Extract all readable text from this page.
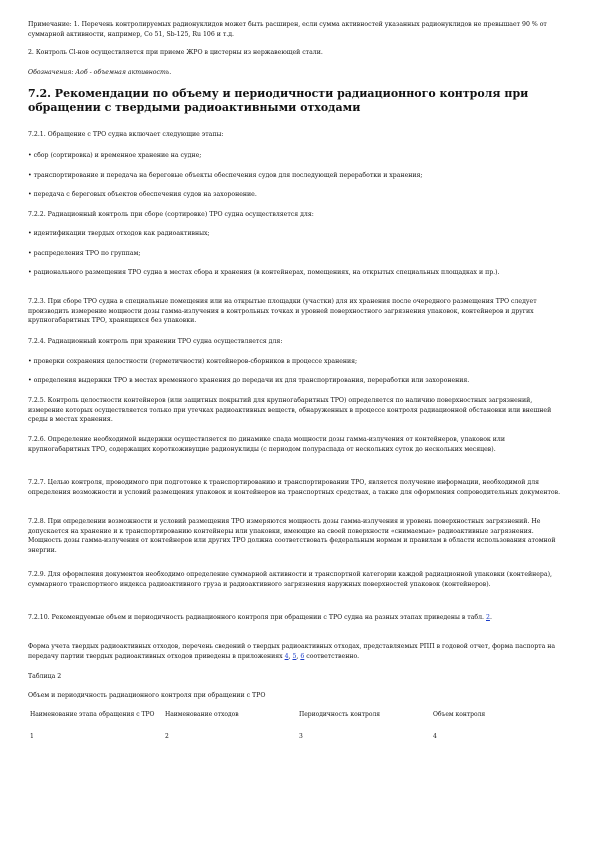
Примечание: 1. Перечень контролируемых радионуклидов может быть расширен, если сумма активностей указанных радионуклидов не превышает 90 % от суммарной активности, например, Co 51, Sb-125, Ru 106 и т.д.

2. Контроль Cl-нов осуществляется при приеме ЖРО в цистерны из нержавеющей стали.

Обозначения: Аоб - объемная активность.

7.2. Рекомендации по объему и периодичности радиационного контроля при обращении с твердыми радиоактивными отходами

7.2.1. Обращение с ТРО судна включает следующие этапы:

• сбор (сортировка) и временное хранение на судне;

• транспортирование и передача на береговые объекты обеспечения судов для последующей переработки и хранения;

• передача с береговых объектов обеспечения судов на захоронение.

7.2.2. Радиационный контроль при сборе (сортировке) ТРО судна осуществляется для:

• идентификации твердых отходов как радиоактивных;

• распределения ТРО по группам;

• рационального размещения ТРО судна в местах сбора и хранения (в контейнерах, помещениях, на открытых специальных площадках и пр.).

7.2.3. При сборе ТРО судна в специальные помещения или на открытые площадки (участки) для их хранения после очередного размещения ТРО следует производить измерение мощности дозы гамма-излучения в контрольных точках и уровней поверхностного загрязнения упаковок, контейнеров и других крупногабаритных ТРО, хранящихся без упаковки.

7.2.4. Радиационный контроль при хранении ТРО судна осуществляется для:

• проверки сохранения целостности (герметичности) контейнеров-сборников в процессе хранения;

• определения выдержки ТРО в местах временного хранения до передачи их для транспортирования, переработки или захоронения.

7.2.5. Контроль целостности контейнеров (или защитных покрытий для крупногабаритных ТРО) определяется по наличию поверхностных загрязнений, измерение которых осуществляется только при утечках радиоактивных веществ, обнаруженных в процессе контроля радиационной обстановки или внешней среды в местах хранения.

7.2.6. Определение необходимой выдержки осуществляется по динамике спада мощности дозы гамма-излучения от контейнеров, упаковок или крупногабаритных ТРО, содержащих короткоживущие радионуклиды (с периодом полураспада от нескольких суток до нескольких месяцев).

7.2.7. Целью контроля, проводимого при подготовке к транспортированию и транспортировании ТРО, является получение информации, необходимой для определения возможности и условий размещения упаковок и контейнеров на транспортных средствах, а также для оформления сопроводительных документов.

7.2.8. При определении возможности и условий размещения ТРО измеряются мощность дозы гамма-излучения и уровень поверхностных загрязнений. Не допускается на хранение и к транспортированию контейнеры или упаковки, имеющие на своей поверхности «снимаемые» радиоактивные загрязнения. Мощность дозы гамма-излучения от контейнеров или других ТРО должна соответствовать федеральным нормам и правилам в области использования атомной энергии.

7.2.9. Для оформления документов необходимо определение суммарной активности и транспортной категории каждой радиационной упаковки (контейнера), суммарного транспортного индекса радиоактивного груза и радиоактивного загрязнения наружных поверхностей упаковок (контейнеров).

7.2.10. Рекомендуемые объем и периодичность радиационного контроля при обращении с ТРО судна на разных этапах приведены в табл. 2.

Форма учета твердых радиоактивных отходов, перечень сведений о твердых радиоактивных отходах, представляемых РПП в годовой отчет, форма паспорта на передачу партии твердых радиоактивных отходов приведены в приложениях 4, 5, 6 соответственно.

Таблица 2

Объем и периодичность радиационного контроля при обращении с ТРО

Наименование этапа обращения с ТРО	Наименование отходов	Периодичность контроля	Объем контроля
1	2	3	4
